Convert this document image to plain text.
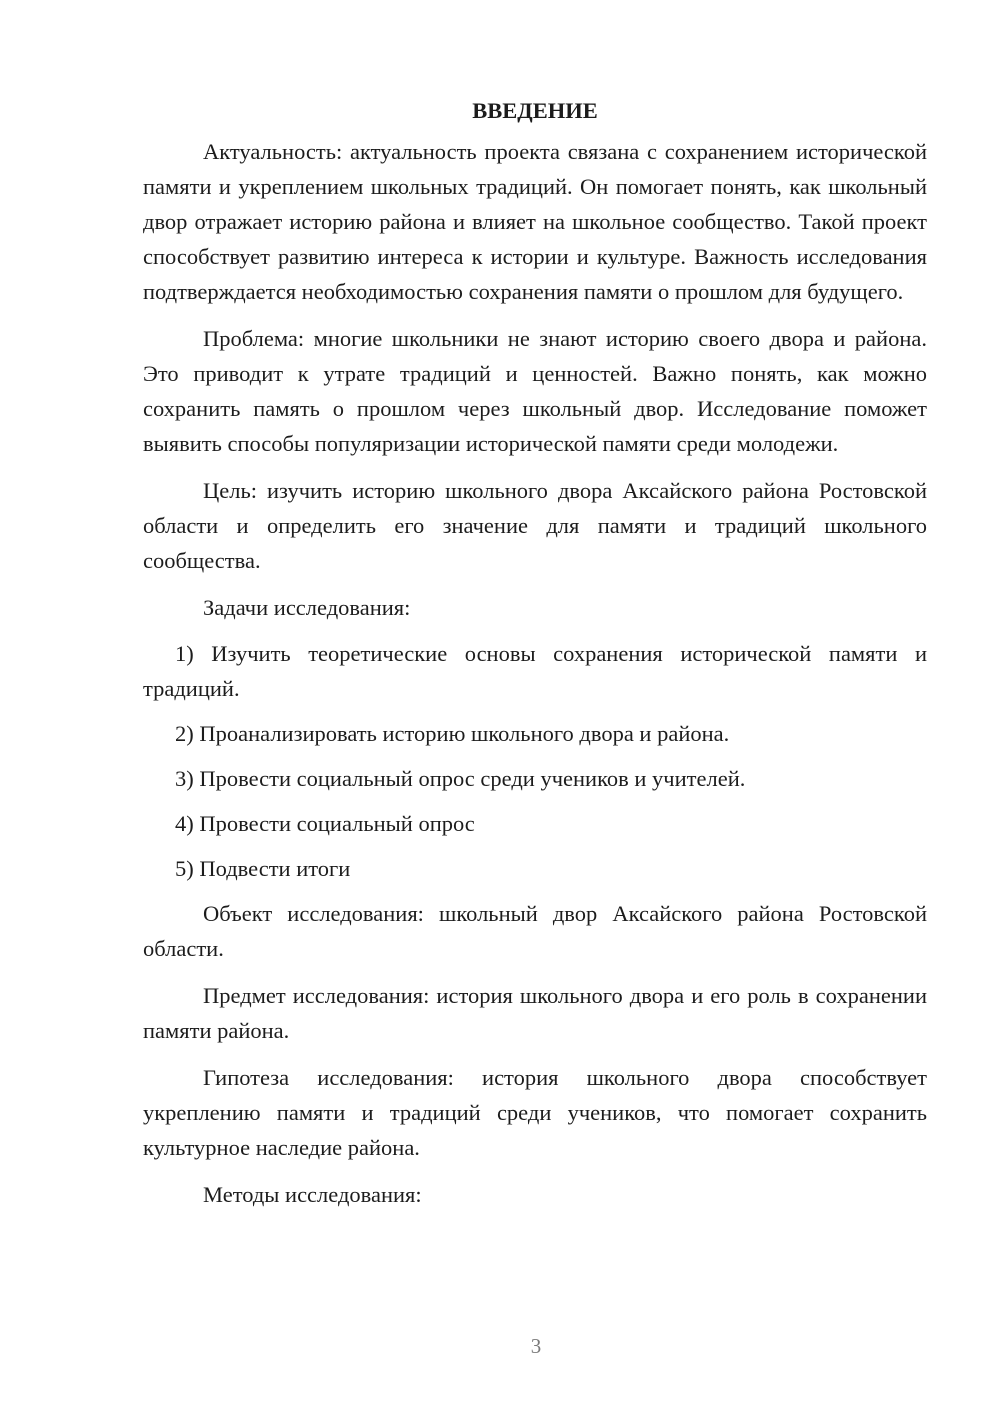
ВВЕДЕНИЕ

Актуальность: актуальность проекта связана с сохранением исторической памяти и укреплением школьных традиций. Он помогает понять, как школьный двор отражает историю района и влияет на школьное сообщество. Такой проект способствует развитию интереса к истории и культуре. Важность исследования подтверждается необходимостью сохранения памяти о прошлом для будущего.

Проблема: многие школьники не знают историю своего двора и района. Это приводит к утрате традиций и ценностей. Важно понять, как можно сохранить память о прошлом через школьный двор. Исследование поможет выявить способы популяризации исторической памяти среди молодежи.

Цель: изучить историю школьного двора Аксайского района Ростовской области и определить его значение для памяти и традиций школьного сообщества.

Задачи исследования:

1) Изучить теоретические основы сохранения исторической памяти и традиций.

2) Проанализировать историю школьного двора и района.

3) Провести социальный опрос среди учеников и учителей.

4) Провести социальный опрос

5) Подвести итоги

Объект исследования: школьный двор Аксайского района Ростовской области.

Предмет исследования: история школьного двора и его роль в сохранении памяти района.

Гипотеза исследования: история школьного двора способствует укреплению памяти и традиций среди учеников, что помогает сохранить культурное наследие района.

Методы исследования:

3
